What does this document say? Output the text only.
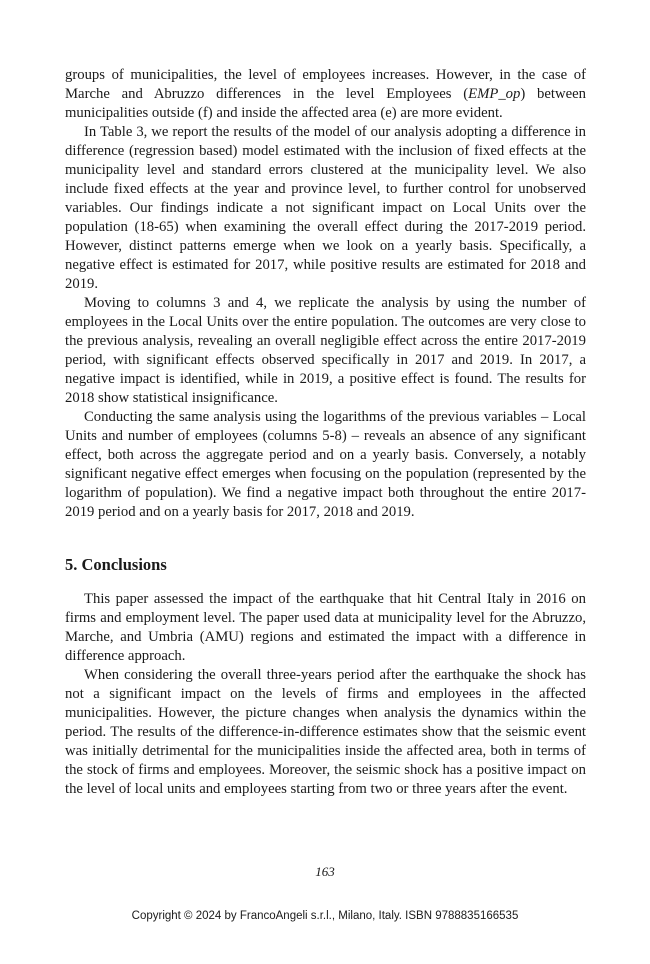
groups of municipalities, the level of employees increases. However, in the case of Marche and Abruzzo differences in the level Employees (EMP_op) between municipalities outside (f) and inside the affected area (e) are more evident.

In Table 3, we report the results of the model of our analysis adopting a difference in difference (regression based) model estimated with the inclusion of fixed effects at the municipality level and standard errors clustered at the municipality level. We also include fixed effects at the year and province level, to further control for unobserved variables. Our findings indicate a not significant impact on Local Units over the population (18-65) when examining the overall effect during the 2017-2019 period. However, distinct patterns emerge when we look on a yearly basis. Specifically, a negative effect is estimated for 2017, while positive results are estimated for 2018 and 2019.

Moving to columns 3 and 4, we replicate the analysis by using the number of employees in the Local Units over the entire population. The outcomes are very close to the previous analysis, revealing an overall negligible effect across the entire 2017-2019 period, with significant effects observed specifically in 2017 and 2019. In 2017, a negative impact is identified, while in 2019, a positive effect is found. The results for 2018 show statistical insignificance.

Conducting the same analysis using the logarithms of the previous variables – Local Units and number of employees (columns 5-8) – reveals an absence of any significant effect, both across the aggregate period and on a yearly basis. Conversely, a notably significant negative effect emerges when focusing on the population (represented by the logarithm of population). We find a negative impact both throughout the entire 2017-2019 period and on a yearly basis for 2017, 2018 and 2019.

5. Conclusions

This paper assessed the impact of the earthquake that hit Central Italy in 2016 on firms and employment level. The paper used data at municipality level for the Abruzzo, Marche, and Umbria (AMU) regions and estimated the impact with a difference in difference approach.

When considering the overall three-years period after the earthquake the shock has not a significant impact on the levels of firms and employees in the affected municipalities. However, the picture changes when analysis the dynamics within the period. The results of the difference-in-difference estimates show that the seismic event was initially detrimental for the municipalities inside the affected area, both in terms of the stock of firms and employees. Moreover, the seismic shock has a positive impact on the level of local units and employees starting from two or three years after the event.

163
Copyright © 2024 by FrancoAngeli s.r.l., Milano, Italy. ISBN 9788835166535
